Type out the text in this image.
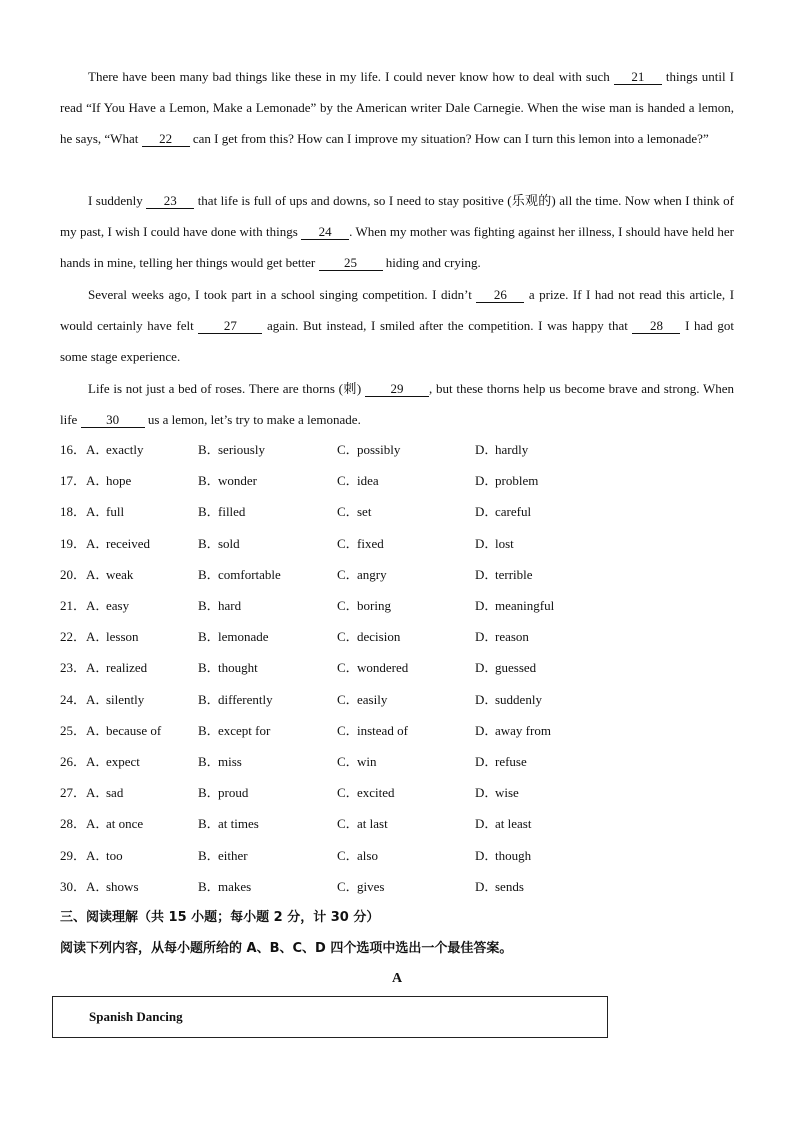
There have been many bad things like these in my life. I could never know how to deal with such 21 things until I read “If You Have a Lemon, Make a Lemonade” by the American writer Dale Carnegie. When the wise man is handed a lemon, he says, “What 22 can I get from this? How can I improve my situation? How can I turn this lemon into a lemonade?”

I suddenly 23 that life is full of ups and downs, so I need to stay positive (乐观的) all the time. Now when I think of my past, I wish I could have done with things 24 . When my mother was fighting against her illness, I should have held her hands in mine, telling her things would get better 25 hiding and crying.

Several weeks ago, I took part in a school singing competition. I didn’t 26 a prize. If I had not read this article, I would certainly have felt 27 again. But instead, I smiled after the competition. I was happy that 28 I had got some stage experience.

Life is not just a bed of roses. There are thorns (刺) 29 , but these thorns help us become brave and strong. When life 30 us a lemon, let’s try to make a lemonade.

16． A．exactly	B．seriously	C．possibly	D．hardly
17． A．hope	B．wonder	C．idea	D．problem
18． A．full	B．filled	C．set	D．careful
19． A．received	B．sold	C．fixed	D．lost
20． A．weak	B．comfortable	C．angry	D．terrible
21． A．easy	B．hard	C．boring	D．meaningful
22． A．lesson	B．lemonade	C．decision	D．reason
23． A．realized	B．thought	C．wondered	D．guessed
24． A．silently	B．differently	C．easily	D．suddenly
25． A．because of	B．except for	C．instead of	D．away from
26． A．expect	B．miss	C．win	D．refuse
27． A．sad	B．proud	C．excited	D．wise
28． A．at once	B．at times	C．at last	D．at least
29． A．too	B．either	C．also	D．though
30． A．shows	B．makes	C．gives	D．sends
三、阅读理解（共 15 小题；每小题 2 分，计 30 分）
阅读下列内容，从每小题所给的 A、B、C、D 四个选项中选出一个最佳答案。
A
Spanish Dancing
